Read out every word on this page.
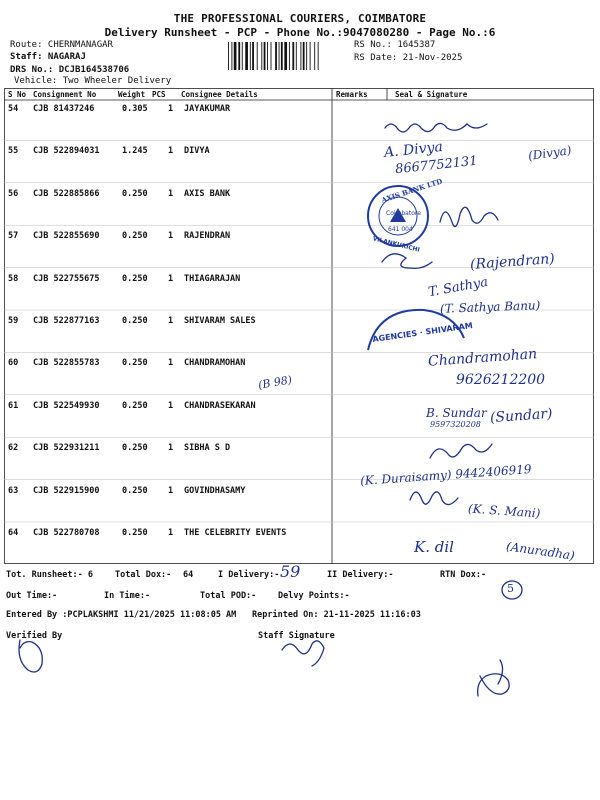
THE PROFESSIONAL COURIERS, COIMBATORE
Delivery Runsheet - PCP - Phone No.:9047080280 - Page No.:6
Route: CHERNMANAGAR
Staff: NAGARAJ
DRS No.: DCJB164538706
Vehicle: Two Wheeler Delivery
RS No.: 1645387
RS Date: 21-Nov-2025
S No Consignment No	Weight PCS Consignee Details	Remarks	Seal & Signature
54 CJB 81437246	0.305 1 JAYAKUMAR
55 CJB 522894031	1.245 1 DIVYA
56 CJB 522885866	0.250 1 AXIS BANK
57 CJB 522855690	0.250 1 RAJENDRAN
58 CJB 522755675	0.250 1 THIAGARAJAN
59 CJB 522877163	0.250 1 SHIVARAM SALES
60 CJB 522855783	0.250 1 CHANDRAMOHAN
61 CJB 522549930	0.250 1 CHANDRASEKARAN
62 CJB 522931211	0.250 1 SIBHA S D
63 CJB 522915900	0.250 1 GOVINDHASAMY
64 CJB 522780708	0.250 1 THE CELEBRITY EVENTS
AXIS BANK LTD
Coimbatore
641 004
VILANKURICHI
AGENCIES · SHIVARAM
A. Divya
8667752131
(Divya)
(Rajendran)
T. Sathya
(T. Sathya Banu)
Chandramohan
9626212200
(B 98)
B. Sundar
9597320208 (Sundar)
(K. Duraisamy) 9442406919
(K. S. Mani)
K. dil	(Anuradha)
Tot. Runsheet:- 6	Total Dox:- 64	I Delivery:- 59	II Delivery:-	RTN Dox:-
5
Out Time:-	In Time:-	Total POD:-	Delvy Points:-
Entered By :PCPLAKSHMI 11/21/2025 11:08:05 AM Reprinted On: 21-11-2025 11:16:03
Verified By	Staff Signature
